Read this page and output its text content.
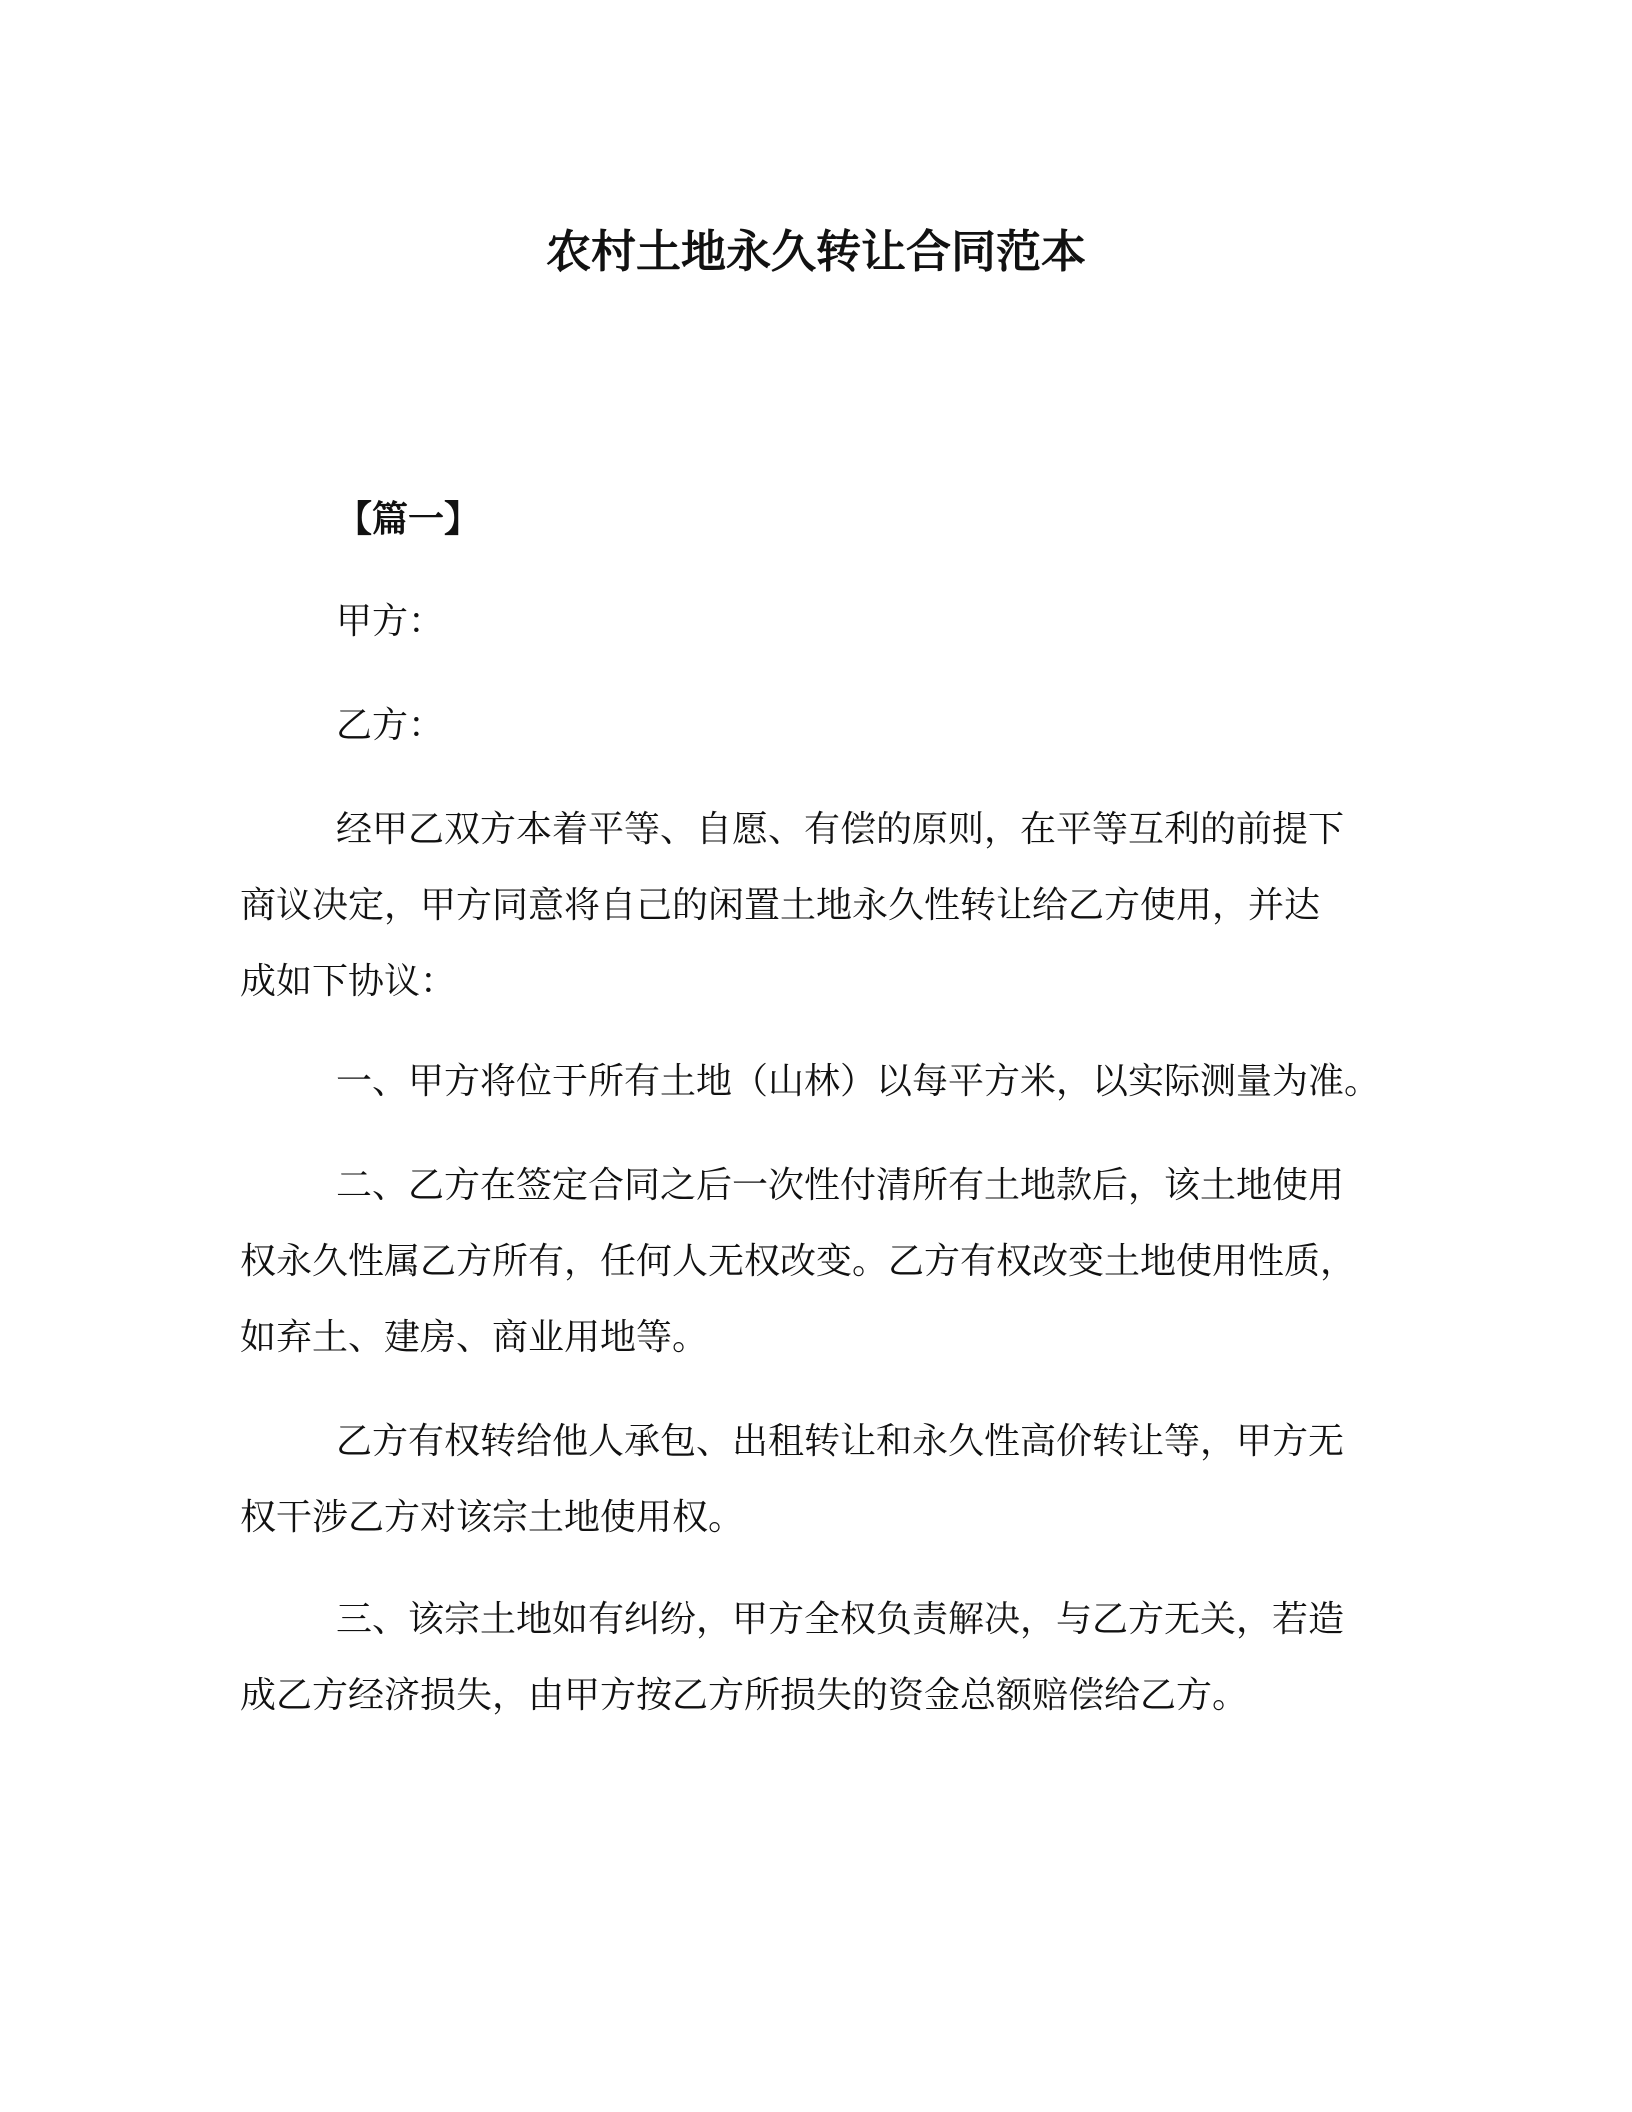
农村土地永久转让合同范本

【篇一】

甲方：

乙方：

经甲乙双方本着平等、自愿、有偿的原则，在平等互利的前提下
商议决定，甲方同意将自己的闲置土地永久性转让给乙方使用，并达
成如下协议：
一、甲方将位于所有土地（山林）以每平方米，以实际测量为准。
二、乙方在签定合同之后一次性付清所有土地款后，该土地使用
权永久性属乙方所有，任何人无权改变。乙方有权改变土地使用性质，
如弃土、建房、商业用地等。
乙方有权转给他人承包、出租转让和永久性高价转让等，甲方无
权干涉乙方对该宗土地使用权。
三、该宗土地如有纠纷，甲方全权负责解决，与乙方无关，若造
成乙方经济损失，由甲方按乙方所损失的资金总额赔偿给乙方。
